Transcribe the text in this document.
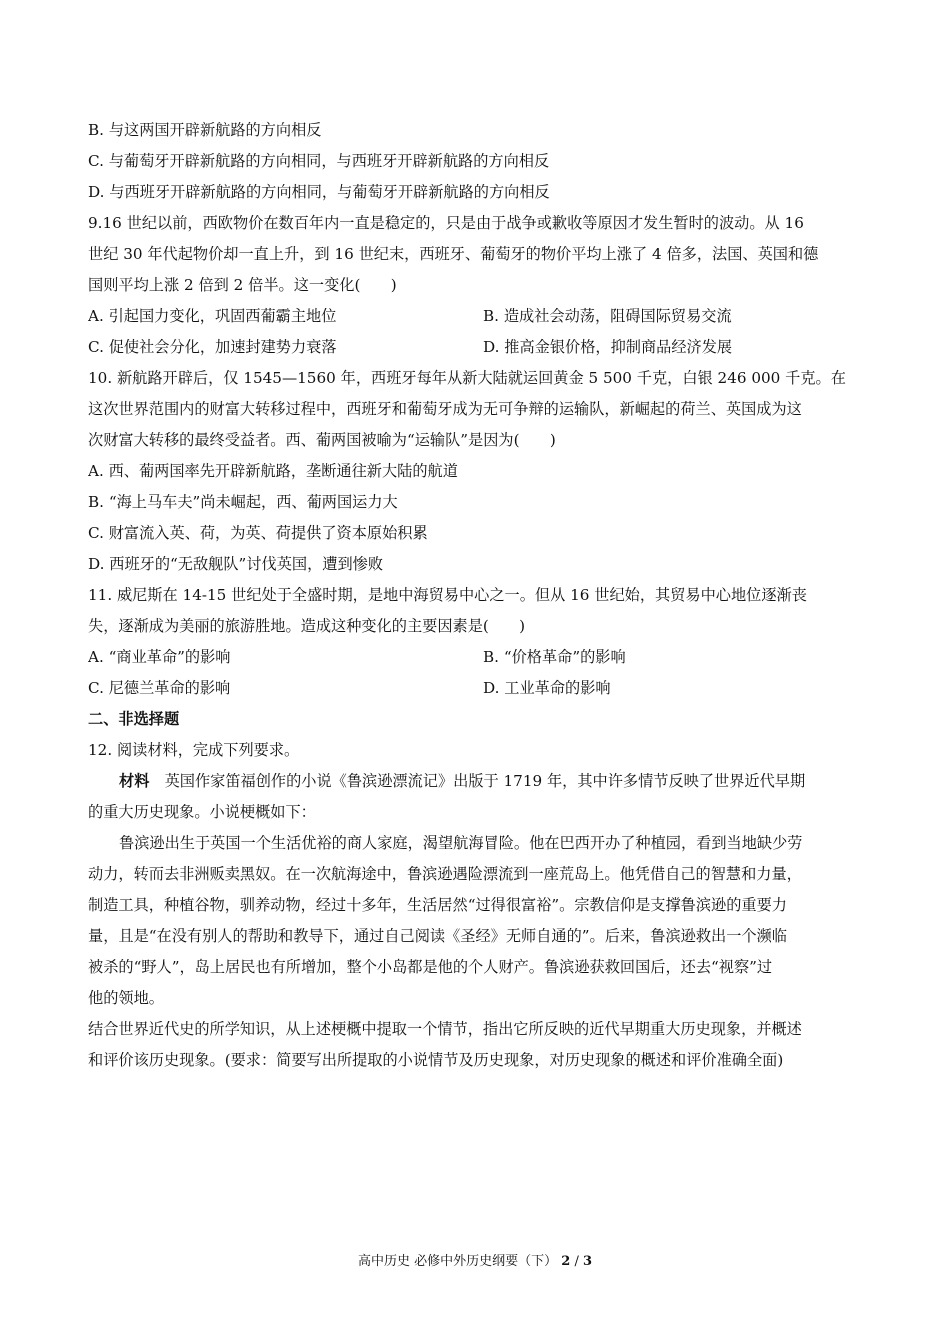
B. 与这两国开辟新航路的方向相反
C. 与葡萄牙开辟新航路的方向相同，与西班牙开辟新航路的方向相反
D. 与西班牙开辟新航路的方向相同，与葡萄牙开辟新航路的方向相反
9.16 世纪以前，西欧物价在数百年内一直是稳定的，只是由于战争或歉收等原因才发生暂时的波动。从 16
世纪 30 年代起物价却一直上升，到 16 世纪末，西班牙、葡萄牙的物价平均上涨了 4 倍多，法国、英国和德
国则平均上涨 2 倍到 2 倍半。这一变化(　　)
A. 引起国力变化，巩固西葡霸主地位	B. 造成社会动荡，阻碍国际贸易交流
C. 促使社会分化，加速封建势力衰落	D. 推高金银价格，抑制商品经济发展
10. 新航路开辟后，仅 1545—1560 年，西班牙每年从新大陆就运回黄金 5 500 千克，白银 246 000 千克。在
这次世界范围内的财富大转移过程中，西班牙和葡萄牙成为无可争辩的运输队，新崛起的荷兰、英国成为这
次财富大转移的最终受益者。西、葡两国被喻为“运输队”是因为(　　)
A. 西、葡两国率先开辟新航路，垄断通往新大陆的航道
B. “海上马车夫”尚未崛起，西、葡两国运力大
C. 财富流入英、荷，为英、荷提供了资本原始积累
D. 西班牙的“无敌舰队”讨伐英国，遭到惨败
11. 威尼斯在 14-15 世纪处于全盛时期，是地中海贸易中心之一。但从 16 世纪始，其贸易中心地位逐渐丧
失，逐渐成为美丽的旅游胜地。造成这种变化的主要因素是(　　)
A. “商业革命”的影响	B. “价格革命”的影响
C. 尼德兰革命的影响	D. 工业革命的影响
二、非选择题
12. 阅读材料，完成下列要求。
材料　 英国作家笛福创作的小说《鲁滨逊漂流记》出版于 1719 年，其中许多情节反映了世界近代早期
的重大历史现象。小说梗概如下：
鲁滨逊出生于英国一个生活优裕的商人家庭，渴望航海冒险。他在巴西开办了种植园，看到当地缺少劳
动力，转而去非洲贩卖黑奴。在一次航海途中，鲁滨逊遇险漂流到一座荒岛上。他凭借自己的智慧和力量，
制造工具，种植谷物，驯养动物，经过十多年，生活居然“过得很富裕”。宗教信仰是支撑鲁滨逊的重要力
量，且是“在没有别人的帮助和教导下，通过自己阅读《圣经》无师自通的”。后来，鲁滨逊救出一个濒临
被杀的“野人”，岛上居民也有所增加，整个小岛都是他的个人财产。鲁滨逊获救回国后，还去“视察”过
他的领地。
结合世界近代史的所学知识，从上述梗概中提取一个情节，指出它所反映的近代早期重大历史现象，并概述
和评价该历史现象。(要求：简要写出所提取的小说情节及历史现象，对历史现象的概述和评价准确全面)
高中历史 必修中外历史纲要（下） 2 / 3
